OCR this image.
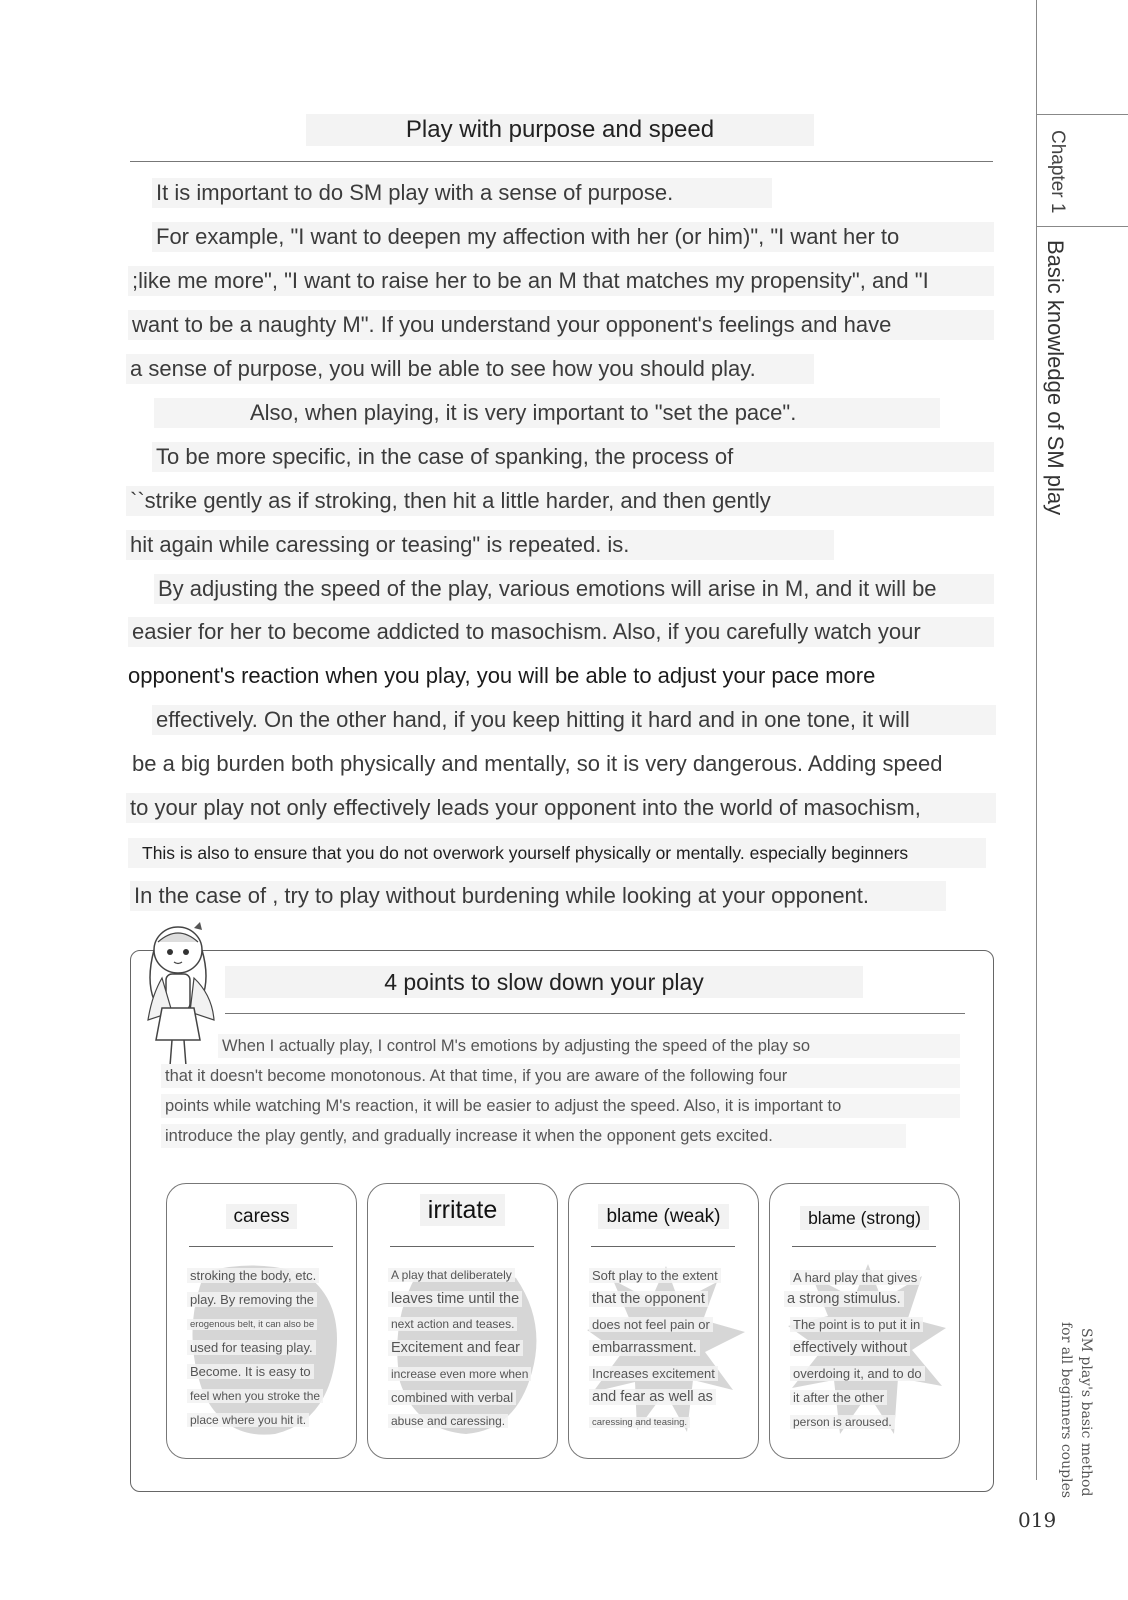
Chapter 1
Basic knowledge of SM play
SM play's basic method
for all beginners couples
019
Play with purpose and speed
It is important to do SM play with a sense of purpose.
For example, "I want to deepen my affection with her (or him)", "I want her to
;like me more", "I want to raise her to be an M that matches my propensity", and "I
want to be a naughty M". If you understand your opponent's feelings and have
a sense of purpose, you will be able to see how you should play.
Also, when playing, it is very important to "set the pace".
To be more specific, in the case of spanking, the process of
``strike gently as if stroking, then hit a little harder, and then gently
hit again while caressing or teasing" is repeated. is.
By adjusting the speed of the play, various emotions will arise in M, and it will be
easier for her to become addicted to masochism. Also, if you carefully watch your
opponent's reaction when you play, you will be able to adjust your pace more
effectively. On the other hand, if you keep hitting it hard and in one tone, it will
be a big burden both physically and mentally, so it is very dangerous. Adding speed
to your play not only effectively leads your opponent into the world of masochism,
This is also to ensure that you do not overwork yourself physically or mentally. especially beginners
In the case of , try to play without burdening while looking at your opponent.
4 points to slow down your play
When I actually play, I control M's emotions by adjusting the speed of the play so
that it doesn't become monotonous. At that time, if you are aware of the following four
points while watching M's reaction, it will be easier to adjust the speed. Also, it is important to
introduce the play gently, and gradually increase it when the opponent gets excited.
caress
stroking the body, etc.
play. By removing the
erogenous belt, it can also be
used for teasing play.
Become. It is easy to
feel when you stroke the
place where you hit it.
irritate
A play that deliberately
leaves time until the
next action and teases.
Excitement and fear
increase even more when
combined with verbal
abuse and caressing.
blame (weak)
Soft play to the extent
that the opponent
does not feel pain or
embarrassment.
Increases excitement
and fear as well as
caressing and teasing.
blame (strong)
A hard play that gives
a strong stimulus.
The point is to put it in
effectively without
overdoing it, and to do
it after the other
person is aroused.
